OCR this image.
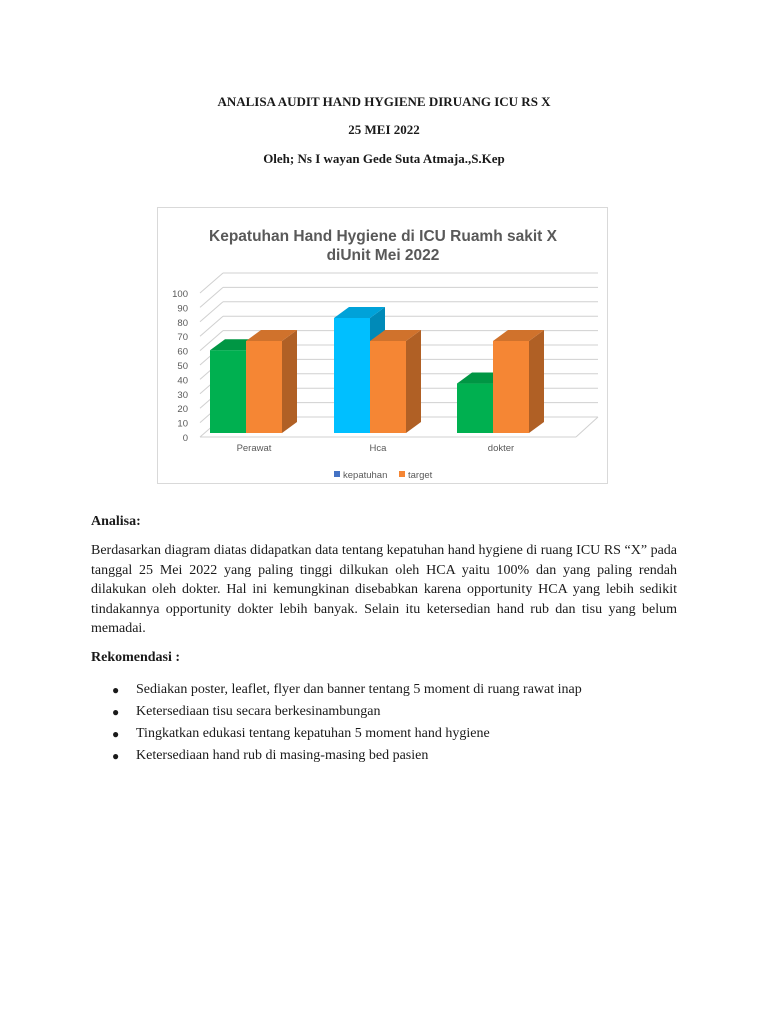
ANALISA AUDIT HAND HYGIENE DIRUANG ICU RS X
25 MEI 2022
Oleh; Ns I wayan Gede Suta Atmaja.,S.Kep
Kepatuhan Hand Hygiene di ICU Ruamh sakit X
diUnit Mei 2022
0
10
20
30
40
50
60
70
80
90
100
Perawat	Hca	dokter
kepatuhan target
Analisa:

Berdasarkan diagram diatas didapatkan data tentang kepatuhan hand hygiene di ruang ICU RS “X” pada tanggal 25 Mei 2022 yang paling tinggi dilkukan oleh HCA yaitu 100% dan yang paling rendah dilakukan oleh dokter. Hal ini kemungkinan disebabkan karena opportunity HCA yang lebih sedikit tindakannya opportunity dokter lebih banyak. Selain itu ketersedian hand rub dan tisu yang belum memadai.

Rekomendasi :
● Sediakan poster, leaflet, flyer dan banner tentang 5 moment di ruang rawat inap
● Ketersediaan tisu secara berkesinambungan
● Tingkatkan edukasi tentang kepatuhan 5 moment hand hygiene
● Ketersediaan hand rub di masing-masing bed pasien
